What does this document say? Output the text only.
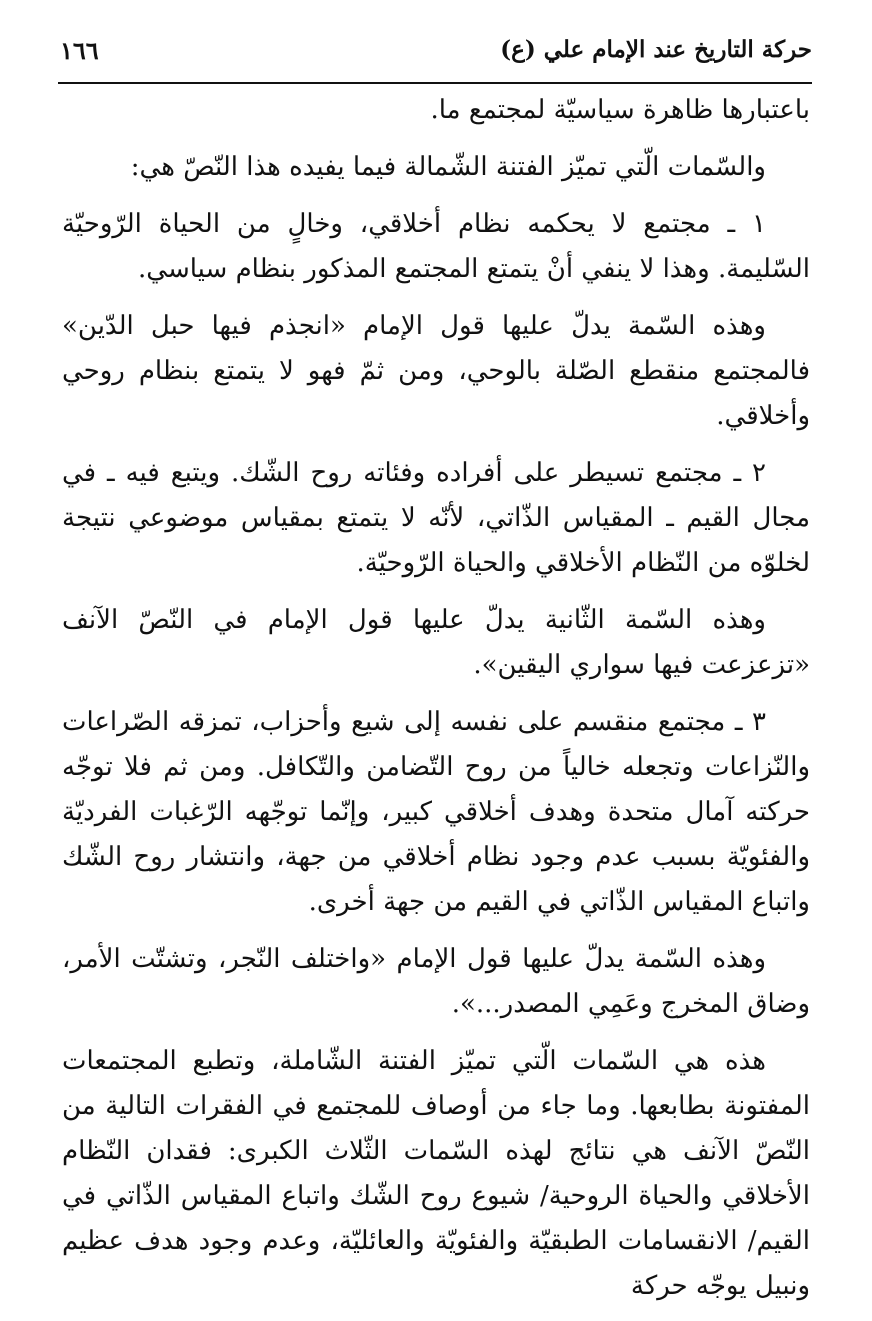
حركة التاريخ عند الإمام علي (ع)
١٦٦

باعتبارها ظاهرة سياسيّة لمجتمع ما.

والسّمات الّتي تميّز الفتنة الشّمالة فيما يفيده هذا النّصّ هي:

١ ـ مجتمع لا يحكمه نظام أخلاقي، وخالٍ من الحياة الرّوحيّة السّليمة. وهذا لا ينفي أنْ يتمتع المجتمع المذكور بنظام سياسي.

وهذه السّمة يدلّ عليها قول الإمام «انجذم فيها حبل الدّين» فالمجتمع منقطع الصّلة بالوحي، ومن ثمّ فهو لا يتمتع بنظام روحي وأخلاقي.

٢ ـ مجتمع تسيطر على أفراده وفئاته روح الشّك. ويتبع فيه ـ في مجال القيم ـ المقياس الذّاتي، لأنّه لا يتمتع بمقياس موضوعي نتيجة لخلوّه من النّظام الأخلاقي والحياة الرّوحيّة.

وهذه السّمة الثّانية يدلّ عليها قول الإمام في النّصّ الآنف «تزعزعت فيها سواري اليقين».

٣ ـ مجتمع منقسم على نفسه إلى شيع وأحزاب، تمزقه الصّراعات والنّزاعات وتجعله خالياً من روح التّضامن والتّكافل. ومن ثم فلا توجّه حركته آمال متحدة وهدف أخلاقي كبير، وإنّما توجّهه الرّغبات الفرديّة والفئويّة بسبب عدم وجود نظام أخلاقي من جهة، وانتشار روح الشّك واتباع المقياس الذّاتي في القيم من جهة أخرى.

وهذه السّمة يدلّ عليها قول الإمام «واختلف النّجر، وتشتّت الأمر، وضاق المخرج وعَمِي المصدر...».

هذه هي السّمات الّتي تميّز الفتنة الشّاملة، وتطبع المجتمعات المفتونة بطابعها. وما جاء من أوصاف للمجتمع في الفقرات التالية من النّصّ الآنف هي نتائج لهذه السّمات الثّلاث الكبرى: فقدان النّظام الأخلاقي والحياة الروحية/ شيوع روح الشّك واتباع المقياس الذّاتي في القيم/ الانقسامات الطبقيّة والفئويّة والعائليّة، وعدم وجود هدف عظيم ونبيل يوجّه حركة
